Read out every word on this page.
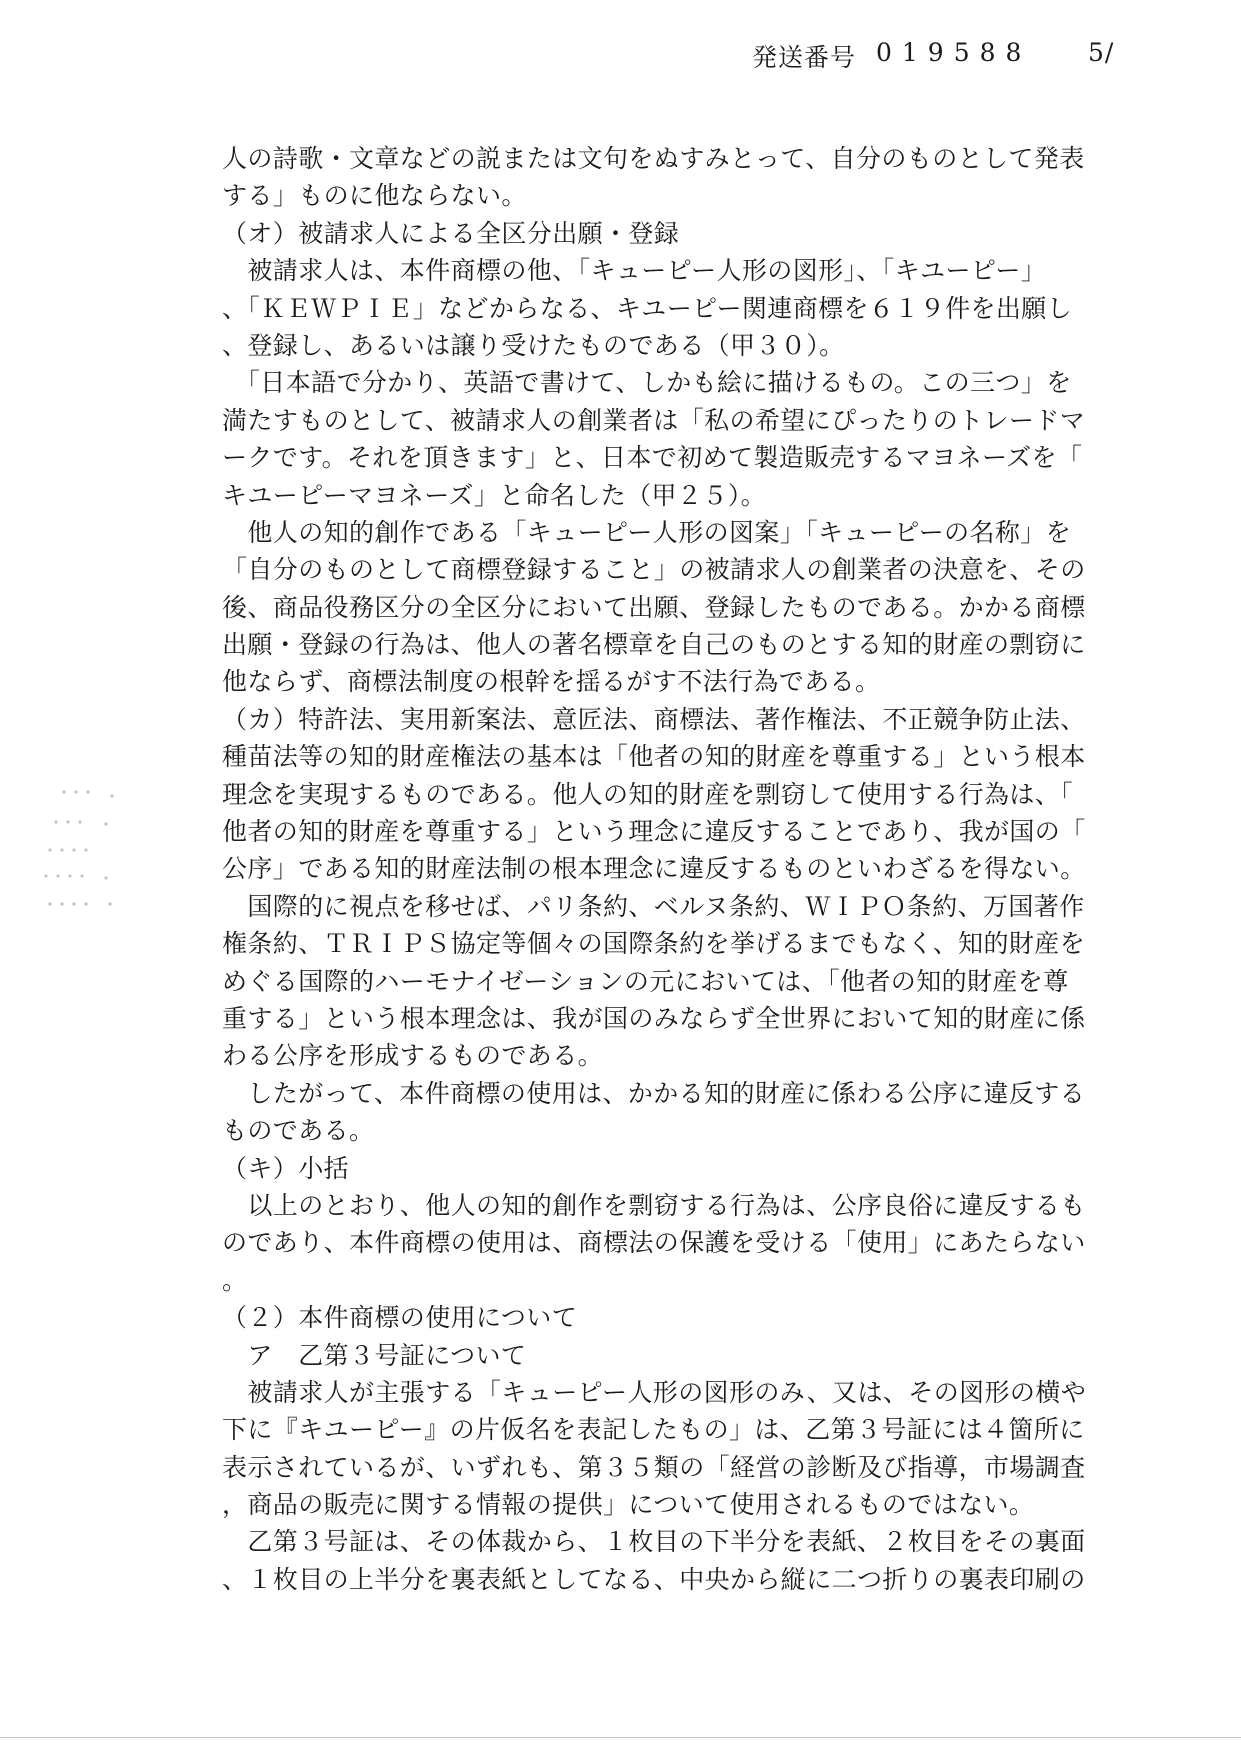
発送番号 019588 5/
人の詩歌・文章などの説または文句をぬすみとって、自分のものとして発表
する」ものに他ならない。
（オ）被請求人による全区分出願・登録
　被請求人は、本件商標の他、「キューピー人形の図形」、「キユーピー」
、「ＫＥＷＰＩＥ」などからなる、キユーピー関連商標を６１９件を出願し
、登録し、あるいは譲り受けたものである（甲３０）。
　「日本語で分かり、英語で書けて、しかも絵に描けるもの。この三つ」を
満たすものとして、被請求人の創業者は「私の希望にぴったりのトレードマ
ークです。それを頂きます」と、日本で初めて製造販売するマヨネーズを「
キユーピーマヨネーズ」と命名した（甲２５）。
　他人の知的創作である「キューピー人形の図案」「キューピーの名称」を
「自分のものとして商標登録すること」の被請求人の創業者の決意を、その
後、商品役務区分の全区分において出願、登録したものである。かかる商標
出願・登録の行為は、他人の著名標章を自己のものとする知的財産の剽窃に
他ならず、商標法制度の根幹を揺るがす不法行為である。
（カ）特許法、実用新案法、意匠法、商標法、著作権法、不正競争防止法、
種苗法等の知的財産権法の基本は「他者の知的財産を尊重する」という根本
理念を実現するものである。他人の知的財産を剽窃して使用する行為は、「
他者の知的財産を尊重する」という理念に違反することであり、我が国の「
公序」である知的財産法制の根本理念に違反するものといわざるを得ない。
　国際的に視点を移せば、パリ条約、ベルヌ条約、ＷＩＰＯ条約、万国著作
権条約、ＴＲＩＰＳ協定等個々の国際条約を挙げるまでもなく、知的財産を
めぐる国際的ハーモナイゼーションの元においては、「他者の知的財産を尊
重する」という根本理念は、我が国のみならず全世界において知的財産に係
わる公序を形成するものである。
　したがって、本件商標の使用は、かかる知的財産に係わる公序に違反する
ものである。
（キ）小括
　以上のとおり、他人の知的創作を剽窃する行為は、公序良俗に違反するも
のであり、本件商標の使用は、商標法の保護を受ける「使用」にあたらない
。
（２）本件商標の使用について
　ア　乙第３号証について
　被請求人が主張する「キューピー人形の図形のみ、又は、その図形の横や
下に『キユーピー』の片仮名を表記したもの」は、乙第３号証には４箇所に
表示されているが、いずれも、第３５類の「経営の診断及び指導，市場調査
，商品の販売に関する情報の提供」について使用されるものではない。
　乙第３号証は、その体裁から、１枚目の下半分を表紙、２枚目をその裏面
、１枚目の上半分を裏表紙としてなる、中央から縦に二つ折りの裏表印刷の
